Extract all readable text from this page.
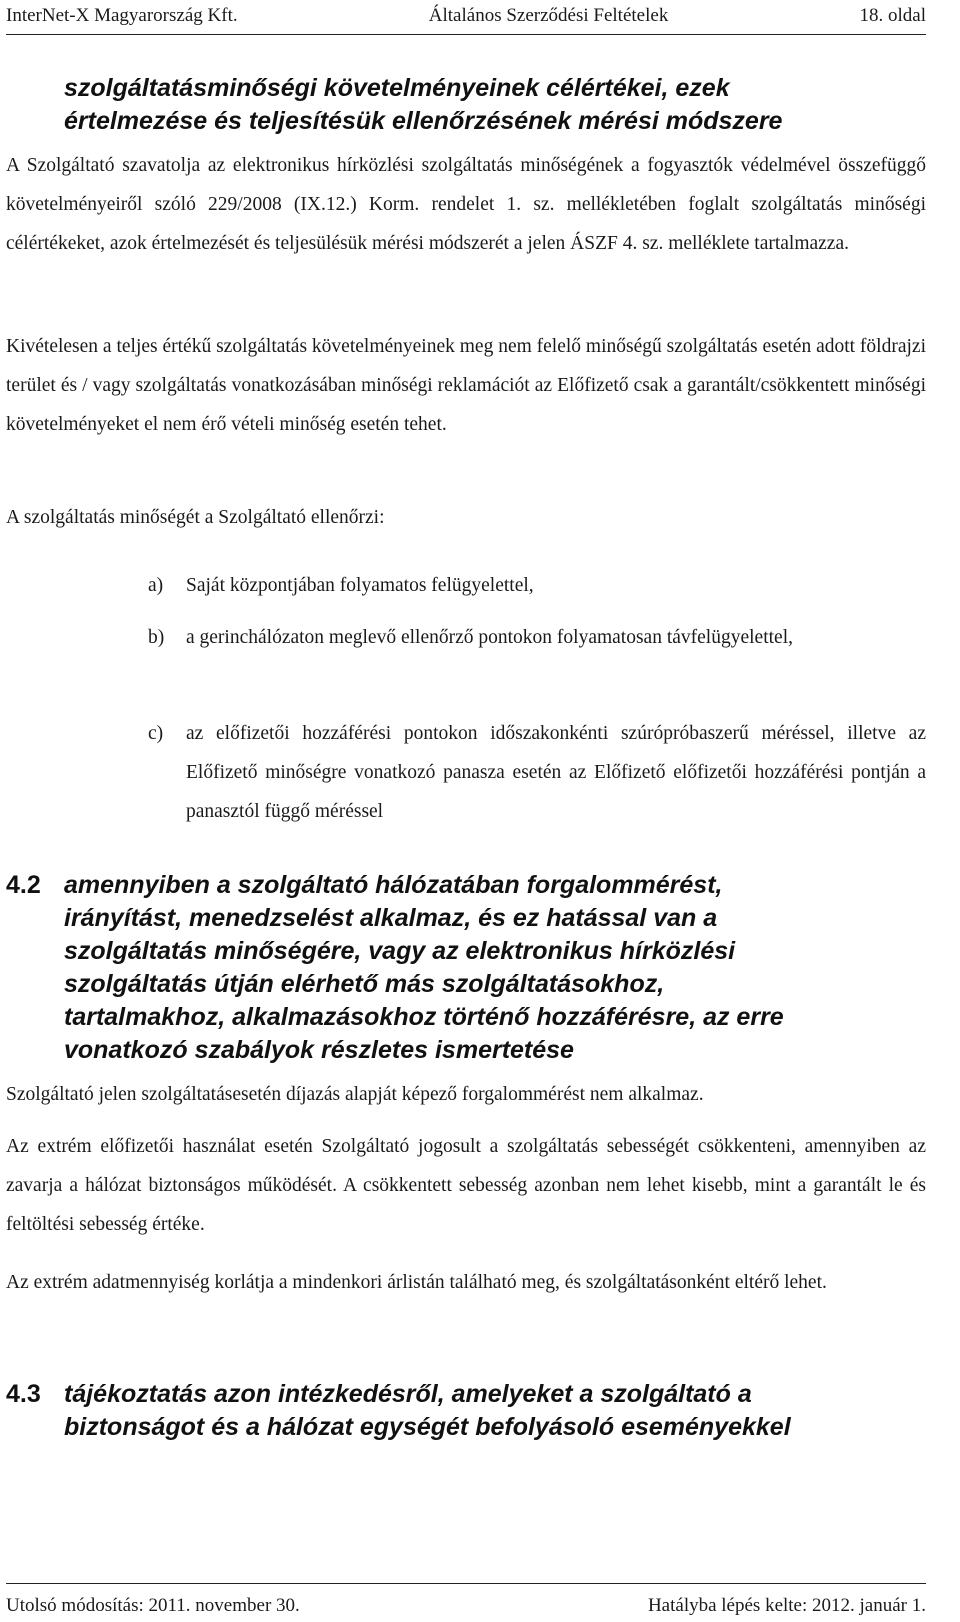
InterNet-X Magyarország Kft.	Általános Szerződési Feltételek	18. oldal
szolgáltatásminőségi követelményeinek célértékei, ezek
értelmezése és teljesítésük ellenőrzésének mérési módszere

A Szolgáltató szavatolja az elektronikus hírközlési szolgáltatás minőségének a fogyasztók védelmével összefüggő követelményeiről szóló 229/2008 (IX.12.) Korm. rendelet 1. sz. mellékletében foglalt szolgáltatás minőségi célértékeket, azok értelmezését és teljesülésük mérési módszerét a jelen ÁSZF 4. sz. melléklete tartalmazza.

Kivételesen a teljes értékű szolgáltatás követelményeinek meg nem felelő minőségű szolgáltatás esetén adott földrajzi terület és / vagy szolgáltatás vonatkozásában minőségi reklamációt az Előfizető csak a garantált/csökkentett minőségi követelményeket el nem érő vételi minőség esetén tehet.

A szolgáltatás minőségét a Szolgáltató ellenőrzi:

a) Saját központjában folyamatos felügyelettel,
b) a gerinchálózaton meglevő ellenőrző pontokon folyamatosan távfelügyelettel,
c) az előfizetői hozzáférési pontokon időszakonkénti szúrópróbaszerű méréssel, illetve az Előfizető minőségre vonatkozó panasza esetén az Előfizető előfizetői hozzáférési pontján a panasztól függő méréssel
4.2 amennyiben a szolgáltató hálózatában forgalommérést,
irányítást, menedzselést alkalmaz, és ez hatással van a
szolgáltatás minőségére, vagy az elektronikus hírközlési
szolgáltatás útján elérhető más szolgáltatásokhoz,
tartalmakhoz, alkalmazásokhoz történő hozzáférésre, az erre
vonatkozó szabályok részletes ismertetése

Szolgáltató jelen szolgáltatásesetén díjazás alapját képező forgalommérést nem alkalmaz.

Az extrém előfizetői használat esetén Szolgáltató jogosult a szolgáltatás sebességét csökkenteni, amennyiben az zavarja a hálózat biztonságos működését. A csökkentett sebesség azonban nem lehet kisebb, mint a garantált le és feltöltési sebesség értéke.

Az extrém adatmennyiség korlátja a mindenkori árlistán található meg, és szolgáltatásonként eltérő lehet.

4.3 tájékoztatás azon intézkedésről, amelyeket a szolgáltató a
biztonságot és a hálózat egységét befolyásoló eseményekkel
Utolsó módosítás: 2011. november 30.	Hatályba lépés kelte: 2012. január 1.
